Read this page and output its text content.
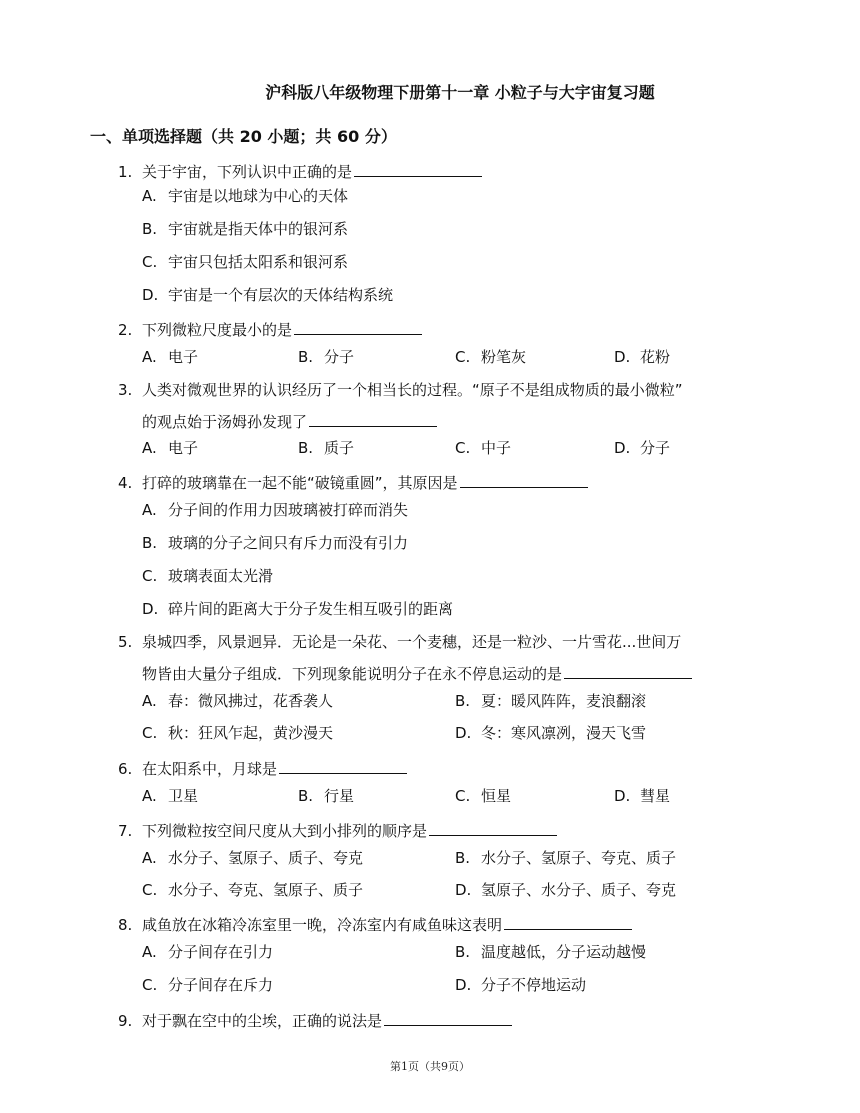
沪科版八年级物理下册第十一章 小粒子与大宇宙复习题
一、单项选择题（共 20 小题；共 60 分）
1. 关于宇宙，下列认识中正确的是
A. 宇宙是以地球为中心的天体
B. 宇宙就是指天体中的银河系
C. 宇宙只包括太阳系和银河系
D. 宇宙是一个有层次的天体结构系统
2. 下列微粒尺度最小的是
A. 电子	B. 分子	C. 粉笔灰	D. 花粉
3. 人类对微观世界的认识经历了一个相当长的过程。“原子不是组成物质的最小微粒”
的观点始于汤姆孙发现了
A. 电子	B. 质子	C. 中子	D. 分子
4. 打碎的玻璃靠在一起不能“破镜重圆”，其原因是
A. 分子间的作用力因玻璃被打碎而消失
B. 玻璃的分子之间只有斥力而没有引力
C. 玻璃表面太光滑
D. 碎片间的距离大于分子发生相互吸引的距离
5. 泉城四季，风景迥异．无论是一朵花、一个麦穗，还是一粒沙、一片雪花...世间万
物皆由大量分子组成．下列现象能说明分子在永不停息运动的是
A. 春：微风拂过，花香袭人	B. 夏：暖风阵阵，麦浪翻滚
C. 秋：狂风乍起，黄沙漫天	D. 冬：寒风凛冽，漫天飞雪
6. 在太阳系中，月球是
A. 卫星	B. 行星	C. 恒星	D. 彗星
7. 下列微粒按空间尺度从大到小排列的顺序是
A. 水分子、氢原子、质子、夸克	B. 水分子、氢原子、夸克、质子
C. 水分子、夸克、氢原子、质子	D. 氢原子、水分子、质子、夸克
8. 咸鱼放在冰箱冷冻室里一晚，冷冻室内有咸鱼味这表明
A. 分子间存在引力	B. 温度越低，分子运动越慢
C. 分子间存在斥力	D. 分子不停地运动
9. 对于飘在空中的尘埃，正确的说法是
第1页（共9页）
